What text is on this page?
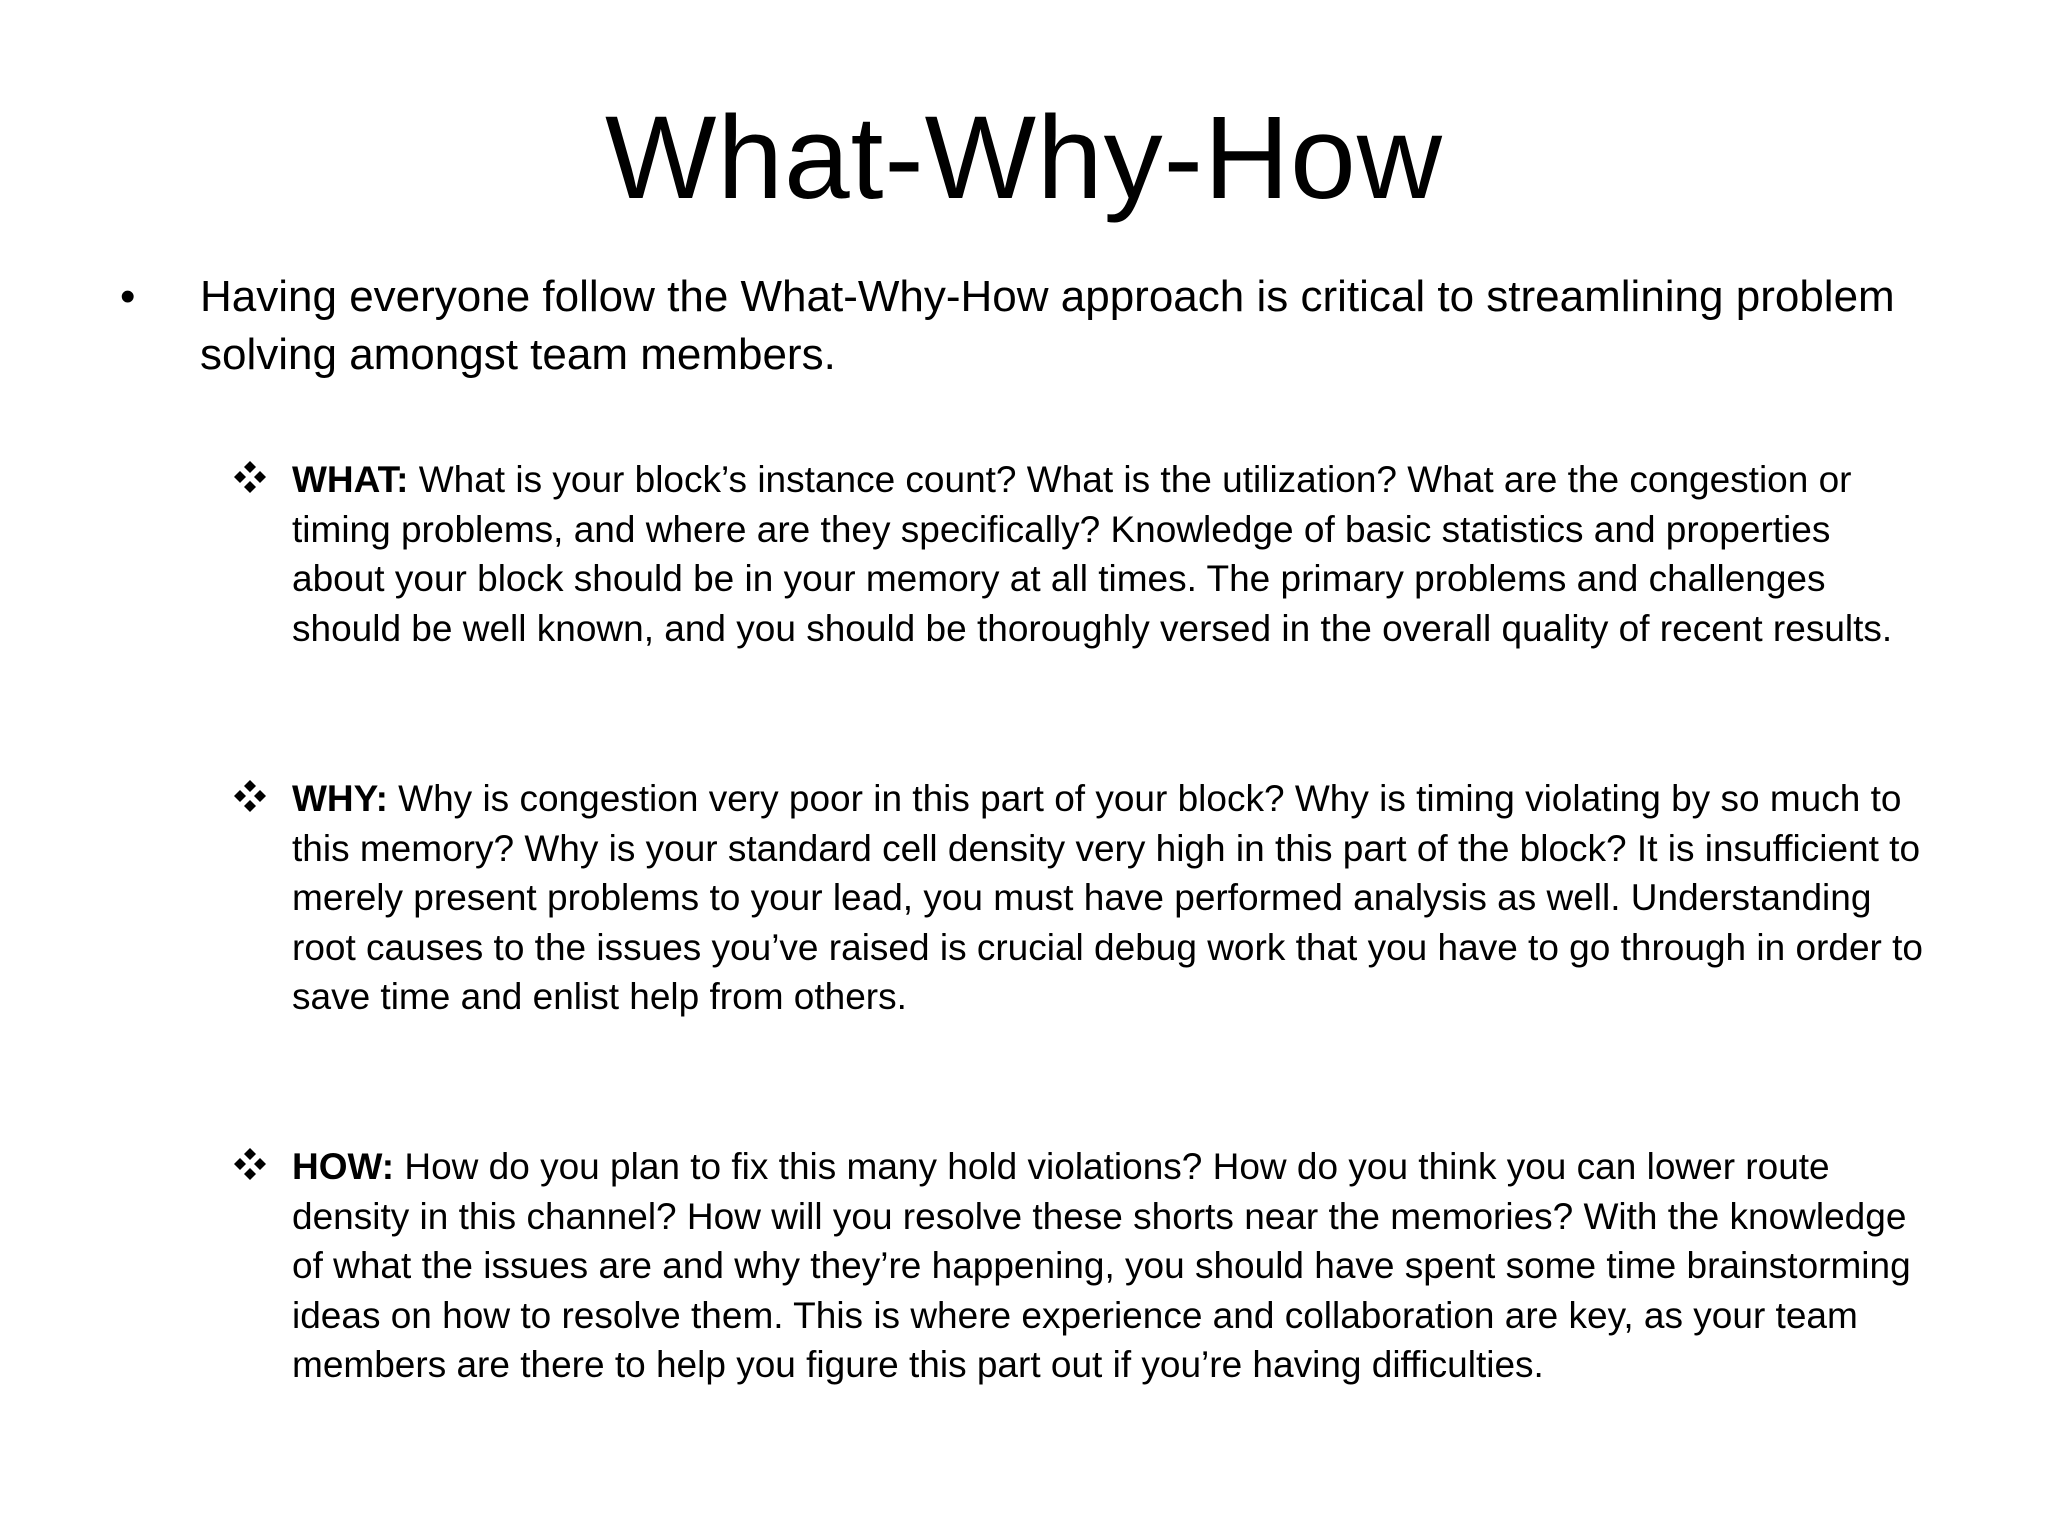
What-Why-How
• Having everyone follow the What-Why-How approach is critical to streamlining problem solving amongst team members.
WHAT: What is your block’s instance count? What is the utilization? What are the congestion or timing problems, and where are they specifically? Knowledge of basic statistics and properties about your block should be in your memory at all times. The primary problems and challenges should be well known, and you should be thoroughly versed in the overall quality of recent results.
WHY: Why is congestion very poor in this part of your block? Why is timing violating by so much to this memory? Why is your standard cell density very high in this part of the block? It is insufficient to merely present problems to your lead, you must have performed analysis as well. Understanding root causes to the issues you’ve raised is crucial debug work that you have to go through in order to save time and enlist help from others.
HOW: How do you plan to fix this many hold violations? How do you think you can lower route density in this channel? How will you resolve these shorts near the memories? With the knowledge of what the issues are and why they’re happening, you should have spent some time brainstorming ideas on how to resolve them. This is where experience and collaboration are key, as your team members are there to help you figure this part out if you’re having difficulties.
